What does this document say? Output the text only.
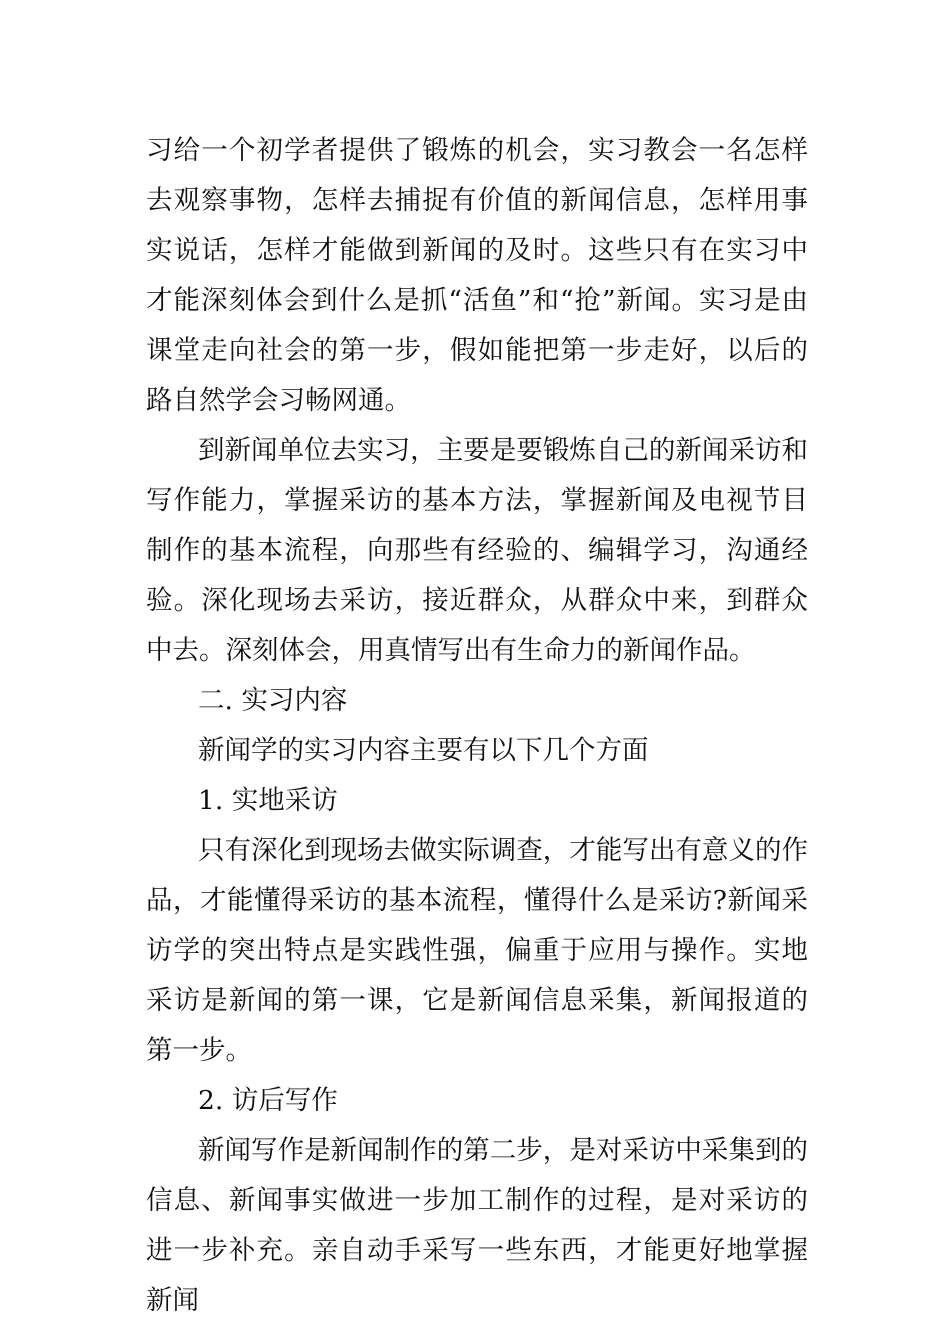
习给一个初学者提供了锻炼的机会，实习教会一名怎样去观察事物，怎样去捕捉有价值的新闻信息，怎样用事实说话，怎样才能做到新闻的及时。这些只有在实习中才能深刻体会到什么是抓“活鱼”和“抢”新闻。实习是由课堂走向社会的第一步，假如能把第一步走好，以后的路自然学会习畅网通。

到新闻单位去实习，主要是要锻炼自己的新闻采访和写作能力，掌握采访的基本方法，掌握新闻及电视节目制作的基本流程，向那些有经验的、编辑学习，沟通经验。深化现场去采访，接近群众，从群众中来，到群众中去。深刻体会，用真情写出有生命力的新闻作品。

二. 实习内容

新闻学的实习内容主要有以下几个方面

1. 实地采访

只有深化到现场去做实际调查，才能写出有意义的作品，才能懂得采访的基本流程，懂得什么是采访?新闻采访学的突出特点是实践性强，偏重于应用与操作。实地采访是新闻的第一课，它是新闻信息采集，新闻报道的第一步。

2. 访后写作

新闻写作是新闻制作的第二步，是对采访中采集到的信息、新闻事实做进一步加工制作的过程，是对采访的进一步补充。亲自动手采写一些东西，才能更好地掌握新闻
